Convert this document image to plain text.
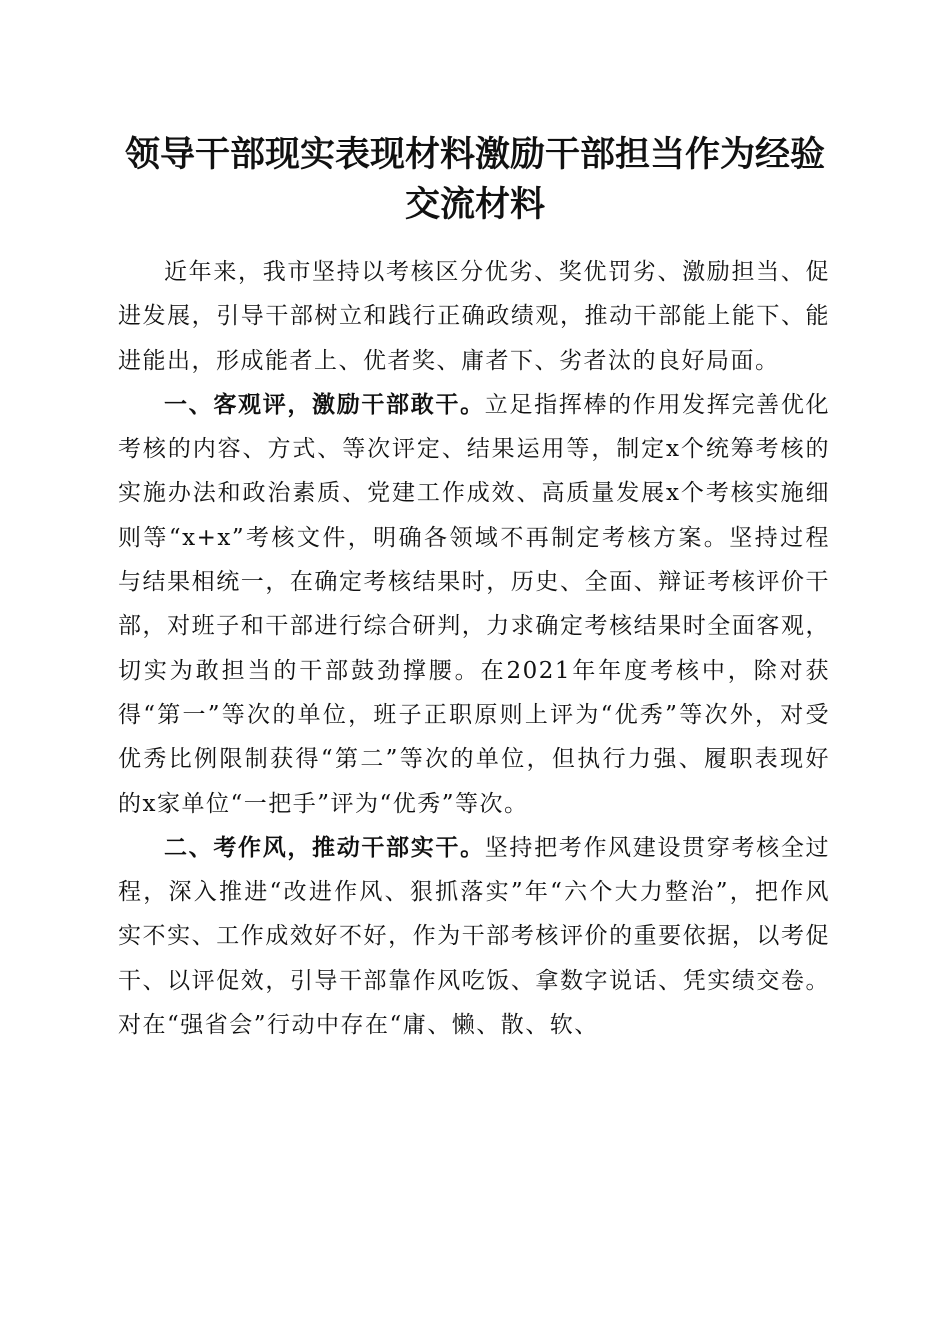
领导干部现实表现材料激励干部担当作为经验
交流材料

近年来，我市坚持以考核区分优劣、奖优罚劣、激励担当、促进发展，引导干部树立和践行正确政绩观，推动干部能上能下、能进能出，形成能者上、优者奖、庸者下、劣者汰的良好局面。

一、客观评，激励干部敢干。立足指挥棒的作用发挥完善优化考核的内容、方式、等次评定、结果运用等，制定x个统筹考核的实施办法和政治素质、党建工作成效、高质量发展x个考核实施细则等“x+x”考核文件，明确各领域不再制定考核方案。坚持过程与结果相统一，在确定考核结果时，历史、全面、辩证考核评价干部，对班子和干部进行综合研判，力求确定考核结果时全面客观，切实为敢担当的干部鼓劲撑腰。在2021年年度考核中，除对获得“第一”等次的单位，班子正职原则上评为“优秀”等次外，对受优秀比例限制获得“第二”等次的单位，但执行力强、履职表现好的x家单位“一把手”评为“优秀”等次。

二、考作风，推动干部实干。坚持把考作风建设贯穿考核全过程，深入推进“改进作风、狠抓落实”年“六个大力整治”，把作风实不实、工作成效好不好，作为干部考核评价的重要依据，以考促干、以评促效，引导干部靠作风吃饭、拿数字说话、凭实绩交卷。对在“强省会”行动中存在“庸、懒、散、软、
